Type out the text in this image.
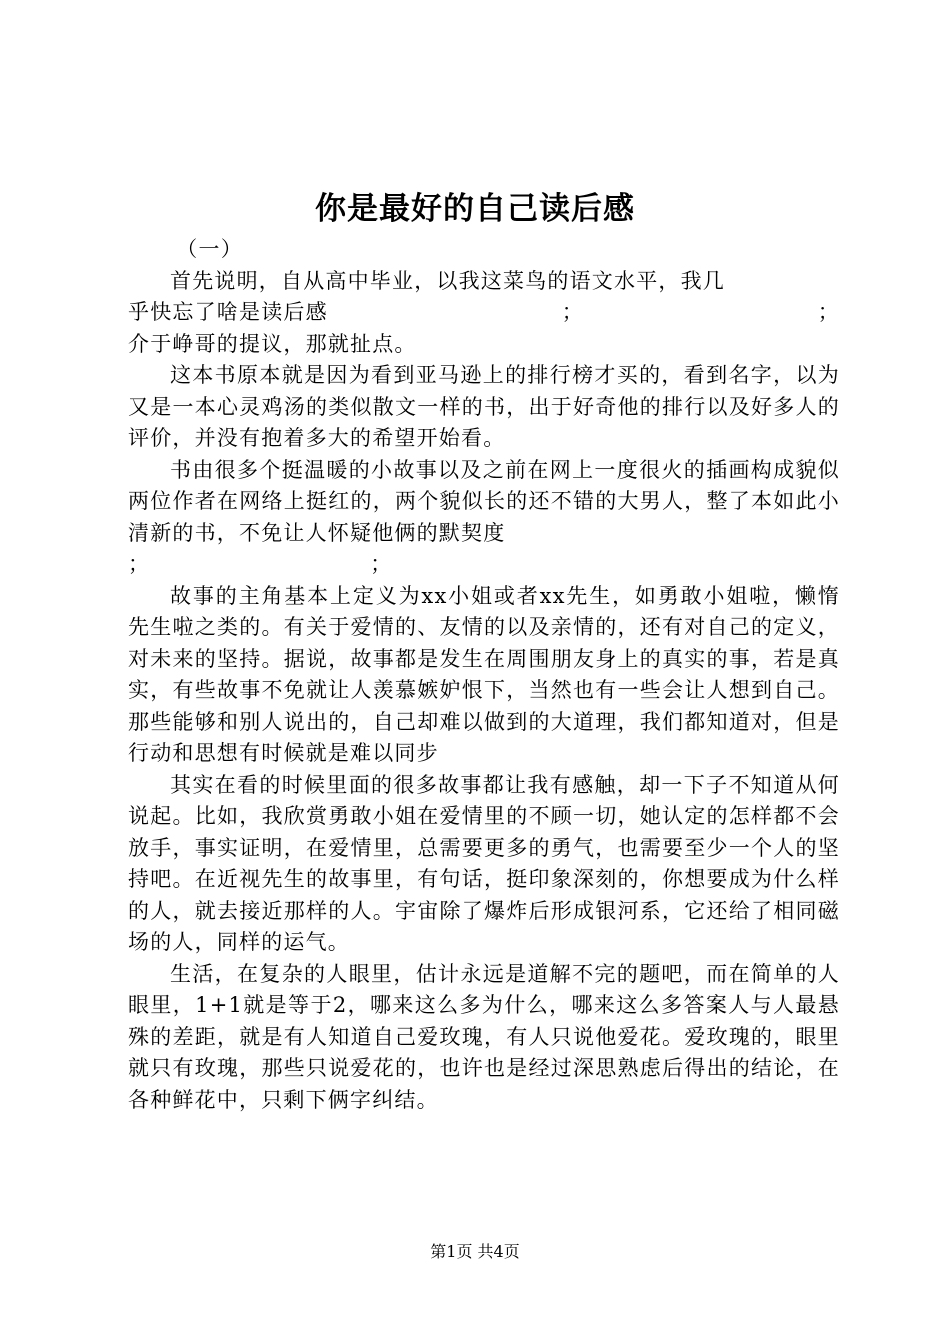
你是最好的自己读后感

（一）

首先说明，自从高中毕业，以我这菜鸟的语文水平，我几

乎快忘了啥是读后感	；	；

介于峥哥的提议，那就扯点。

这本书原本就是因为看到亚马逊上的排行榜才买的，看到名字，以为又是一本心灵鸡汤的类似散文一样的书，出于好奇他的排行以及好多人的评价，并没有抱着多大的希望开始看。

书由很多个挺温暖的小故事以及之前在网上一度很火的插画构成貌似两位作者在网络上挺红的，两个貌似长的还不错的大男人，整了本如此小清新的书，不免让人怀疑他俩的默契度

；	；

故事的主角基本上定义为xx小姐或者xx先生，如勇敢小姐啦，懒惰先生啦之类的。有关于爱情的、友情的以及亲情的，还有对自己的定义，对未来的坚持。据说，故事都是发生在周围朋友身上的真实的事，若是真实，有些故事不免就让人羡慕嫉妒恨下，当然也有一些会让人想到自己。那些能够和别人说出的，自己却难以做到的大道理，我们都知道对，但是行动和思想有时候就是难以同步

其实在看的时候里面的很多故事都让我有感触，却一下子不知道从何说起。比如，我欣赏勇敢小姐在爱情里的不顾一切，她认定的怎样都不会放手，事实证明，在爱情里，总需要更多的勇气，也需要至少一个人的坚持吧。在近视先生的故事里，有句话，挺印象深刻的，你想要成为什么样的人，就去接近那样的人。宇宙除了爆炸后形成银河系，它还给了相同磁场的人，同样的运气。

生活，在复杂的人眼里，估计永远是道解不完的题吧，而在简单的人眼里，1+1就是等于2，哪来这么多为什么，哪来这么多答案人与人最悬殊的差距，就是有人知道自己爱玫瑰，有人只说他爱花。爱玫瑰的，眼里就只有玫瑰，那些只说爱花的，也许也是经过深思熟虑后得出的结论，在各种鲜花中，只剩下俩字纠结。

第1页 共4页
